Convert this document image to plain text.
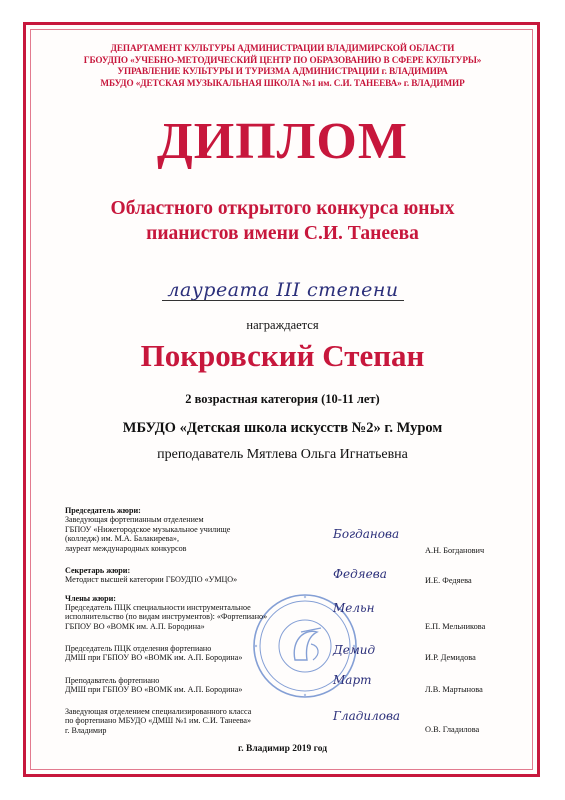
ДЕПАРТАМЕНТ КУЛЬТУРЫ АДМИНИСТРАЦИИ ВЛАДИМИРСКОЙ ОБЛАСТИ
ГБОУДПО «УЧЕБНО-МЕТОДИЧЕСКИЙ ЦЕНТР ПО ОБРАЗОВАНИЮ В СФЕРЕ КУЛЬТУРЫ»
УПРАВЛЕНИЕ КУЛЬТУРЫ И ТУРИЗМА АДМИНИСТРАЦИИ г. ВЛАДИМИРА
МБУДО «ДЕТСКАЯ МУЗЫКАЛЬНАЯ ШКОЛА №1 им. С.И. ТАНЕЕВА» г. ВЛАДИМИР
ДИПЛОМ
Областного открытого конкурса юных
пианистов имени С.И. Танеева
лауреата III степени
награждается
Покровский Степан
2 возрастная категория (10-11 лет)
МБУДО «Детская школа искусств №2» г. Муром
преподаватель Мятлева Ольга Игнатьевна
Председатель жюри:
Заведующая фортепианным отделением
ГБПОУ «Нижегородское музыкальное училище
(колледж) им. М.А. Балакирева»,
лауреат международных конкурсов
Богданова
А.Н. Богданович
Секретарь жюри:
Методист высшей категории ГБОУДПО «УМЦО»	Федяева	И.Е. Федяева
Члены жюри:
Председатель ПЦК специальности инструментальное
исполнительство (по видам инструментов): «Фортепиано»
ГБПОУ ВО «ВОМК им. А.П. Бородина»
Мельн
Е.П. Мельникова
Председатель ПЦК отделения фортепиано
ДМШ при ГБПОУ ВО «ВОМК им. А.П. Бородина»
Демид
И.Р. Демидова
Преподаватель фортепиано
ДМШ при ГБПОУ ВО «ВОМК им. А.П. Бородина»
Март
Л.В. Мартынова
Заведующая отделением специализированного класса
по фортепиано МБУДО «ДМШ №1 им. С.И. Танеева»
г. Владимир
Гладилова
О.В. Гладилова
г. Владимир 2019 год
